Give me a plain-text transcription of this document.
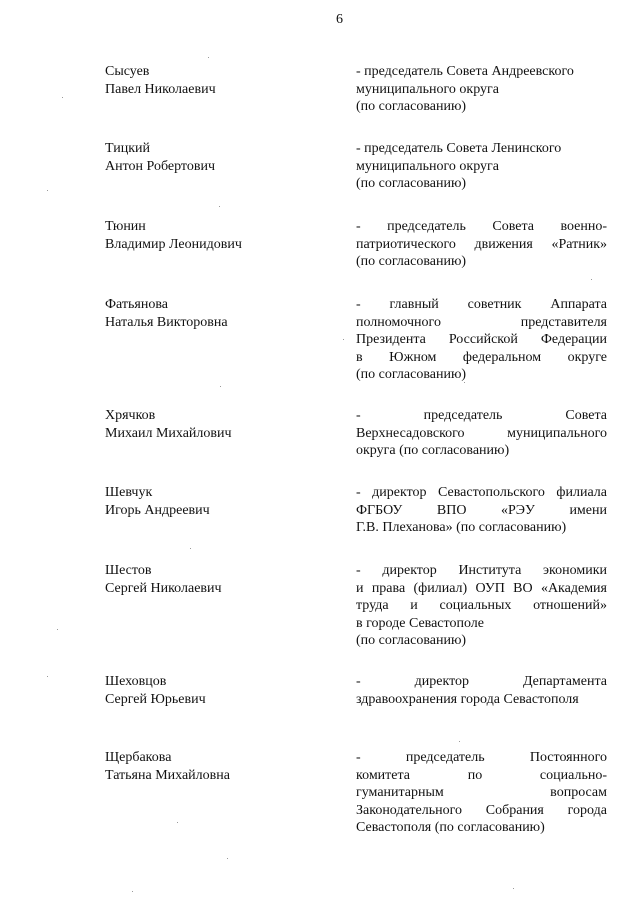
6
Сысуев
Павел Николаевич
- председатель Совета Андреевского
муниципального округа
(по согласованию)
Тицкий
Антон Робертович
- председатель Совета Ленинского
муниципального округа
(по согласованию)
Тюнин
Владимир Леонидович
- председатель Совета военно-
патриотического движения «Ратник»
(по согласованию)
Фатьянова
Наталья Викторовна
- главный советник Аппарата
полномочного представителя
Президента Российской Федерации
в Южном федеральном округе
(по согласованию)
Хрячков
Михаил Михайлович
- председатель Совета
Верхнесадовского муниципального
округа (по согласованию)
Шевчук
Игорь Андреевич
- директор Севастопольского филиала
ФГБОУ ВПО «РЭУ имени
Г.В. Плеханова» (по согласованию)
Шестов
Сергей Николаевич
- директор Института экономики
и права (филиал) ОУП ВО «Академия
труда и социальных отношений»
в городе Севастополе
(по согласованию)
Шеховцов
Сергей Юрьевич
- директор Департамента
здравоохранения города Севастополя
Щербакова
Татьяна Михайловна
- председатель Постоянного
комитета по социально-
гуманитарным вопросам
Законодательного Собрания города
Севастополя (по согласованию)
